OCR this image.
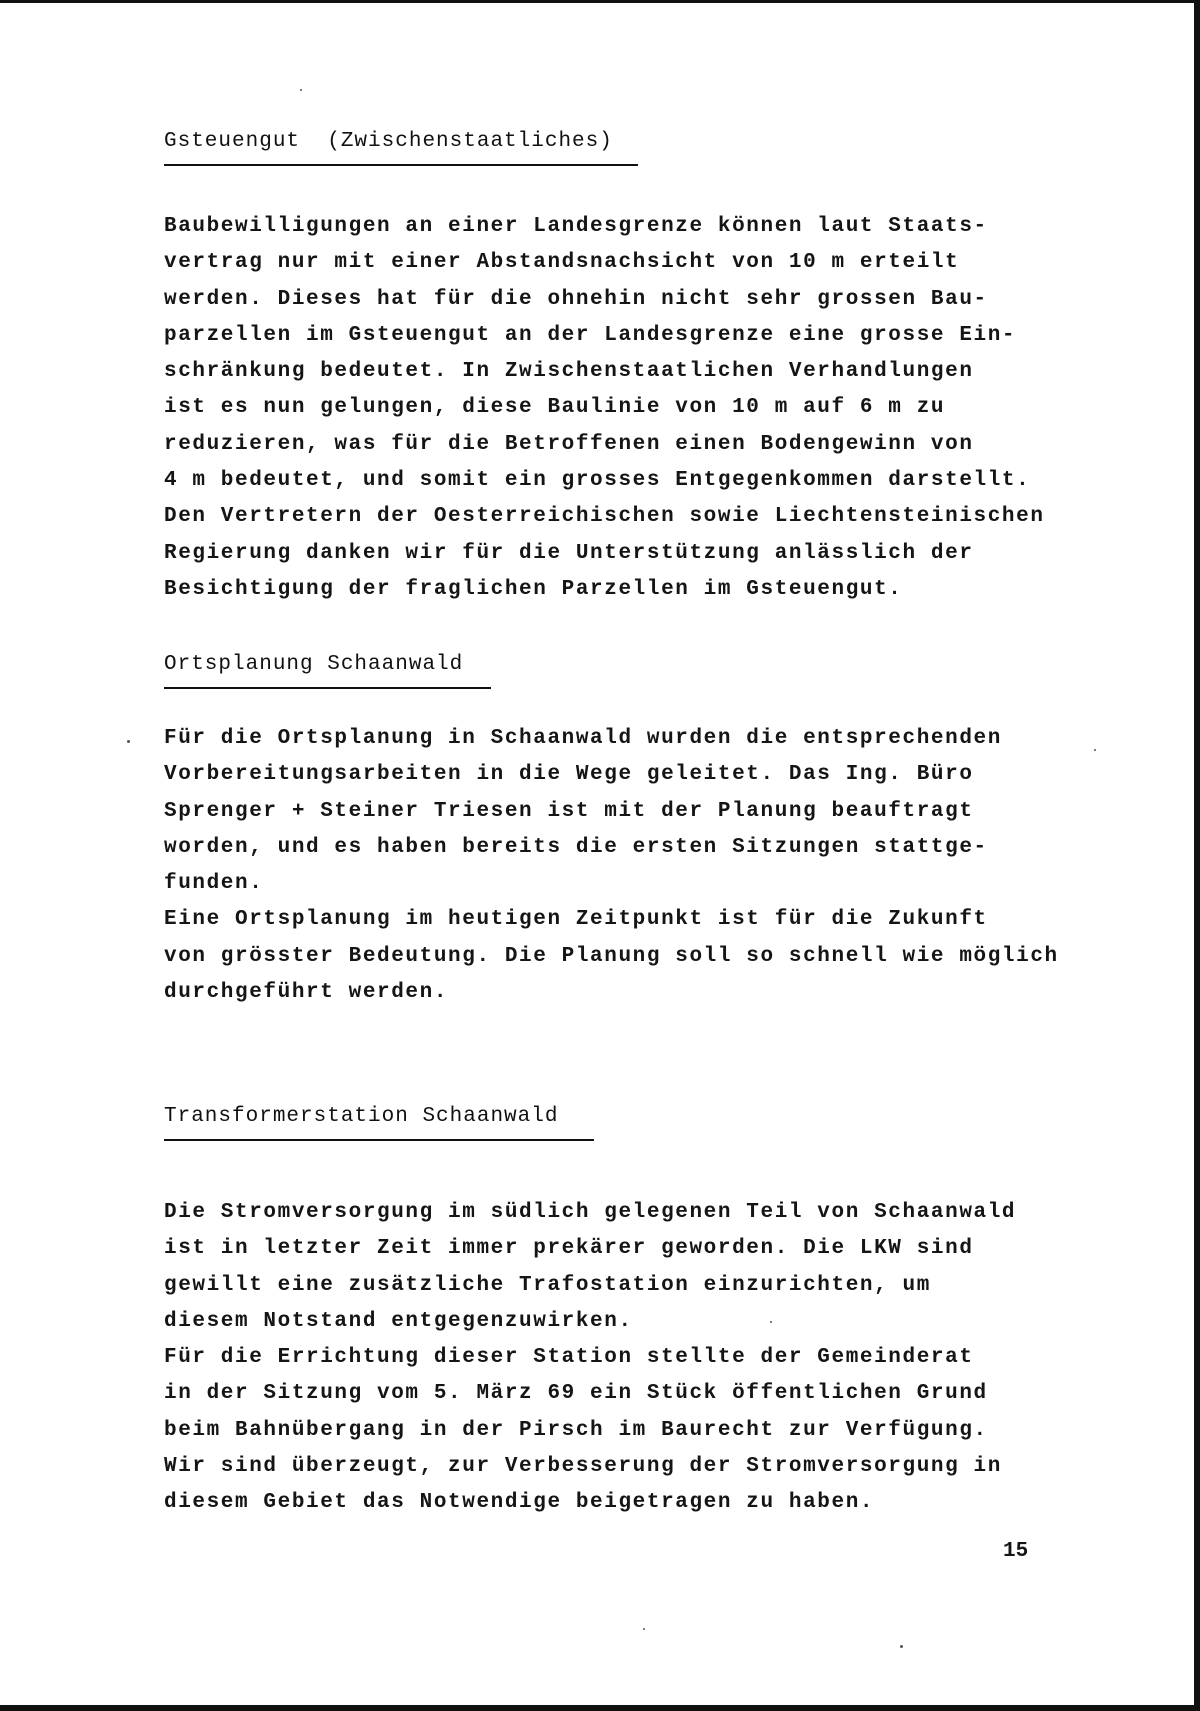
Gsteuengut  (Zwischenstaatliches)
Baubewilligungen an einer Landesgrenze können laut Staats-
vertrag nur mit einer Abstandsnachsicht von 10 m erteilt
werden. Dieses hat für die ohnehin nicht sehr grossen Bau-
parzellen im Gsteuengut an der Landesgrenze eine grosse Ein-
schränkung bedeutet. In Zwischenstaatlichen Verhandlungen
ist es nun gelungen, diese Baulinie von 10 m auf 6 m zu
reduzieren, was für die Betroffenen einen Bodengewinn von
4 m bedeutet, und somit ein grosses Entgegenkommen darstellt.
Den Vertretern der Oesterreichischen sowie Liechtensteinischen
Regierung danken wir für die Unterstützung anlässlich der
Besichtigung der fraglichen Parzellen im Gsteuengut.
Ortsplanung Schaanwald
Für die Ortsplanung in Schaanwald wurden die entsprechenden
Vorbereitungsarbeiten in die Wege geleitet. Das Ing. Büro
Sprenger + Steiner Triesen ist mit der Planung beauftragt
worden, und es haben bereits die ersten Sitzungen stattge-
funden.
Eine Ortsplanung im heutigen Zeitpunkt ist für die Zukunft
von grösster Bedeutung. Die Planung soll so schnell wie möglich
durchgeführt werden.
Transformerstation Schaanwald
Die Stromversorgung im südlich gelegenen Teil von Schaanwald
ist in letzter Zeit immer prekärer geworden. Die LKW sind
gewillt eine zusätzliche Trafostation einzurichten, um
diesem Notstand entgegenzuwirken.
Für die Errichtung dieser Station stellte der Gemeinderat
in der Sitzung vom 5. März 69 ein Stück öffentlichen Grund
beim Bahnübergang in der Pirsch im Baurecht zur Verfügung.
Wir sind überzeugt, zur Verbesserung der Stromversorgung in
diesem Gebiet das Notwendige beigetragen zu haben.
15
